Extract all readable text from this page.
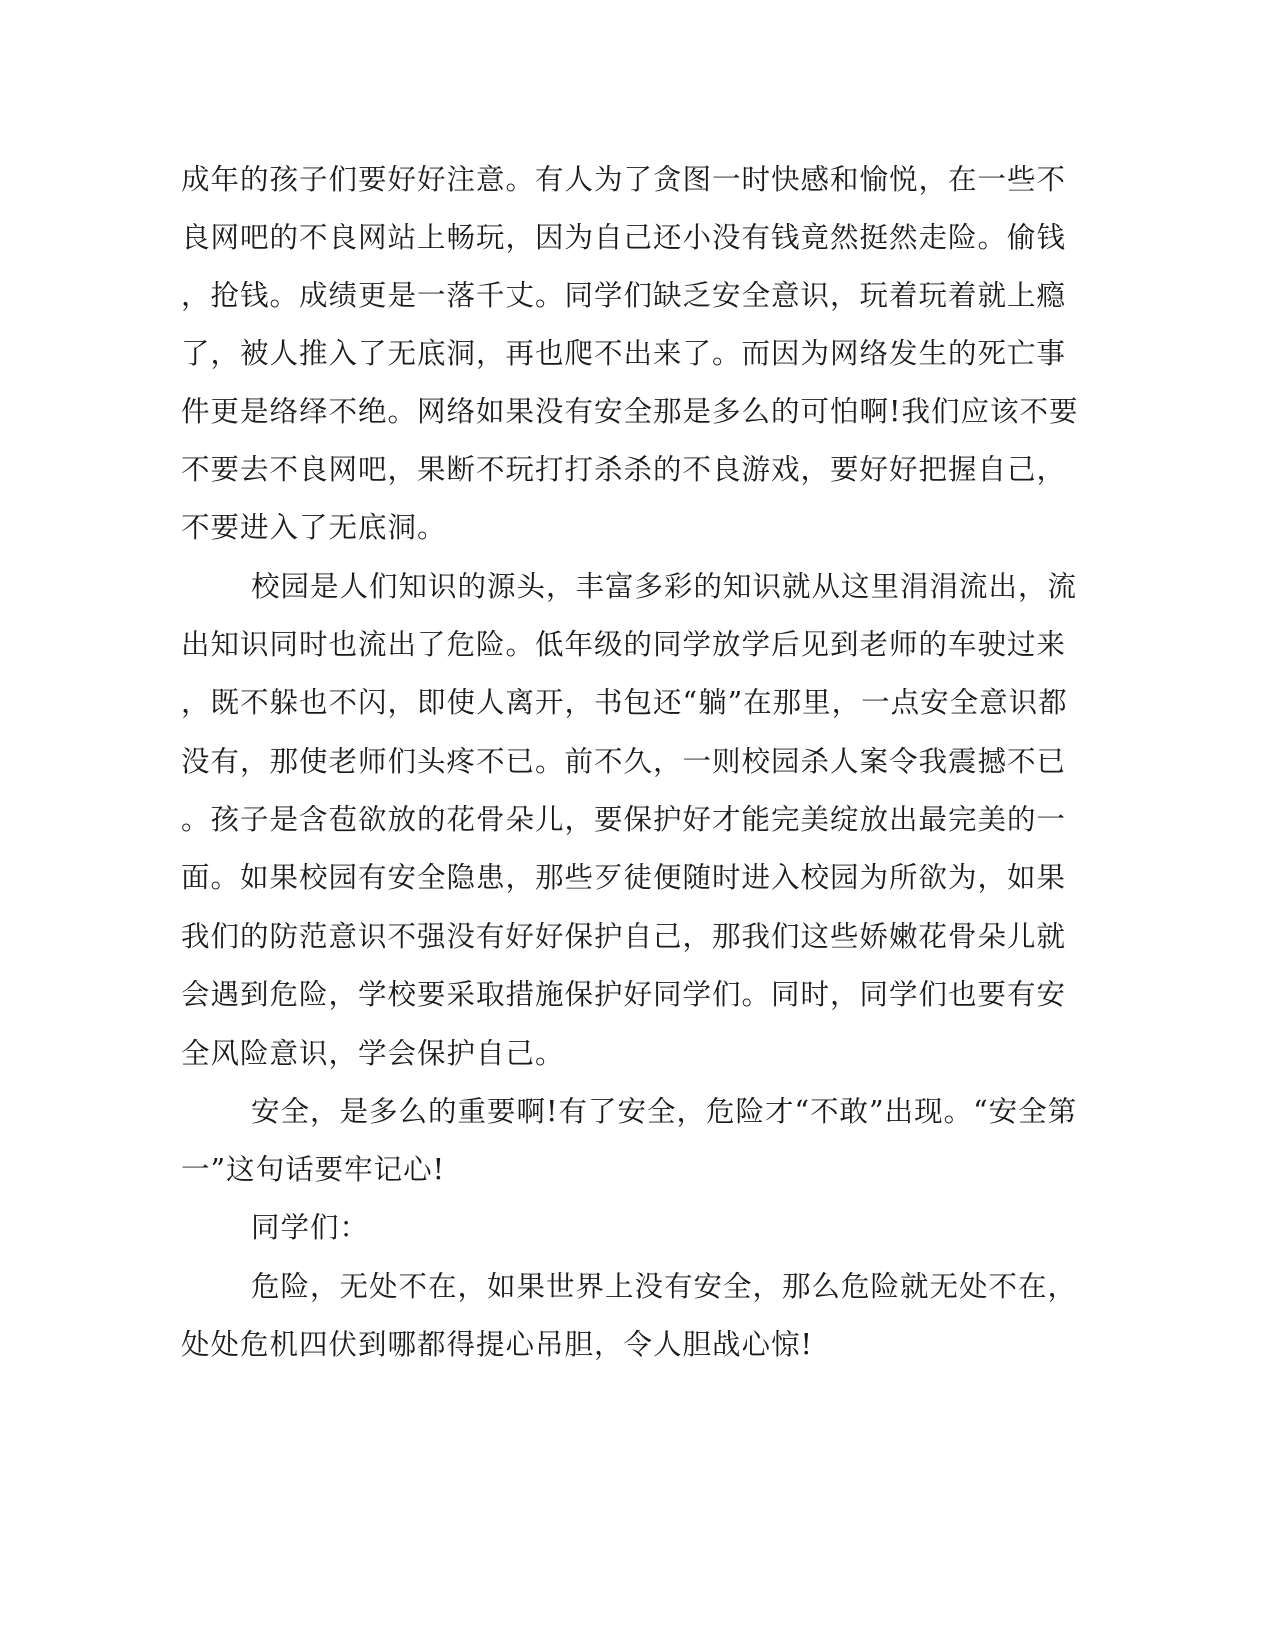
成年的孩子们要好好注意。有人为了贪图一时快感和愉悦，在一些不
良网吧的不良网站上畅玩，因为自己还小没有钱竟然挺然走险。偷钱
，抢钱。成绩更是一落千丈。同学们缺乏安全意识，玩着玩着就上瘾
了，被人推入了无底洞，再也爬不出来了。而因为网络发生的死亡事
件更是络绎不绝。网络如果没有安全那是多么的可怕啊!我们应该不要
不要去不良网吧，果断不玩打打杀杀的不良游戏，要好好把握自己，
不要进入了无底洞。
校园是人们知识的源头，丰富多彩的知识就从这里涓涓流出，流
出知识同时也流出了危险。低年级的同学放学后见到老师的车驶过来
，既不躲也不闪，即使人离开，书包还“躺”在那里，一点安全意识都
没有，那使老师们头疼不已。前不久，一则校园杀人案令我震撼不已
。孩子是含苞欲放的花骨朵儿，要保护好才能完美绽放出最完美的一
面。如果校园有安全隐患，那些歹徒便随时进入校园为所欲为，如果
我们的防范意识不强没有好好保护自己，那我们这些娇嫩花骨朵儿就
会遇到危险，学校要采取措施保护好同学们。同时，同学们也要有安
全风险意识，学会保护自己。
安全，是多么的重要啊!有了安全，危险才“不敢”出现。“安全第
一”这句话要牢记心!
同学们：
危险，无处不在，如果世界上没有安全，那么危险就无处不在，
处处危机四伏到哪都得提心吊胆，令人胆战心惊!
